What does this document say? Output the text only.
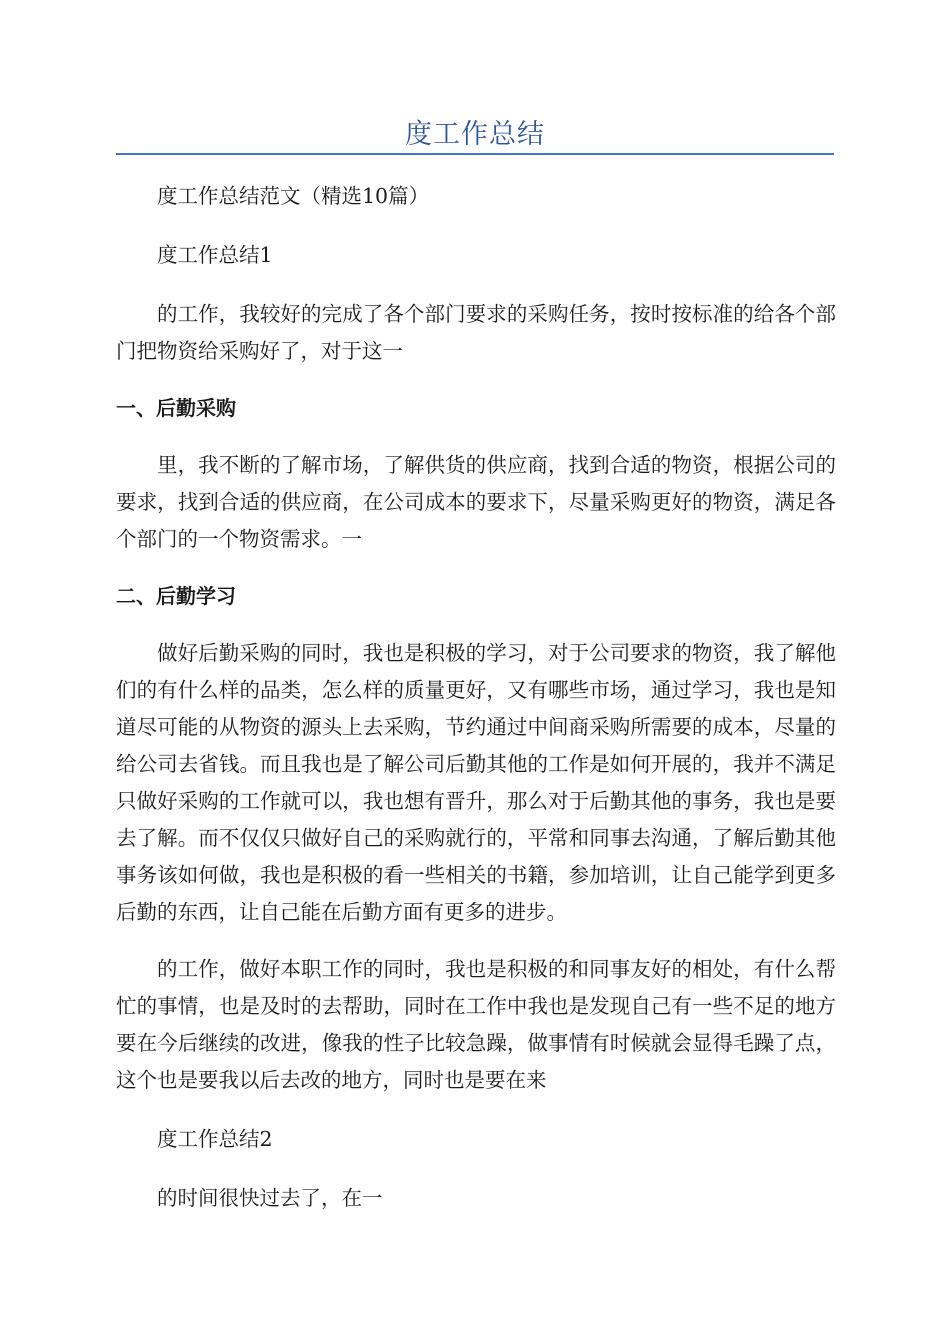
度工作总结

度工作总结范文（精选10篇）

度工作总结1

的工作，我较好的完成了各个部门要求的采购任务，按时按标准的给各个部门把物资给采购好了，对于这一

一、后勤采购

里，我不断的了解市场，了解供货的供应商，找到合适的物资，根据公司的要求，找到合适的供应商，在公司成本的要求下，尽量采购更好的物资，满足各个部门的一个物资需求。一

二、后勤学习

做好后勤采购的同时，我也是积极的学习，对于公司要求的物资，我了解他们的有什么样的品类，怎么样的质量更好，又有哪些市场，通过学习，我也是知道尽可能的从物资的源头上去采购，节约通过中间商采购所需要的成本，尽量的给公司去省钱。而且我也是了解公司后勤其他的工作是如何开展的，我并不满足只做好采购的工作就可以，我也想有晋升，那么对于后勤其他的事务，我也是要去了解。而不仅仅只做好自己的采购就行的，平常和同事去沟通，了解后勤其他事务该如何做，我也是积极的看一些相关的书籍，参加培训，让自己能学到更多后勤的东西，让自己能在后勤方面有更多的进步。

的工作，做好本职工作的同时，我也是积极的和同事友好的相处，有什么帮忙的事情，也是及时的去帮助，同时在工作中我也是发现自己有一些不足的地方要在今后继续的改进，像我的性子比较急躁，做事情有时候就会显得毛躁了点，这个也是要我以后去改的地方，同时也是要在来

度工作总结2

的时间很快过去了，在一
